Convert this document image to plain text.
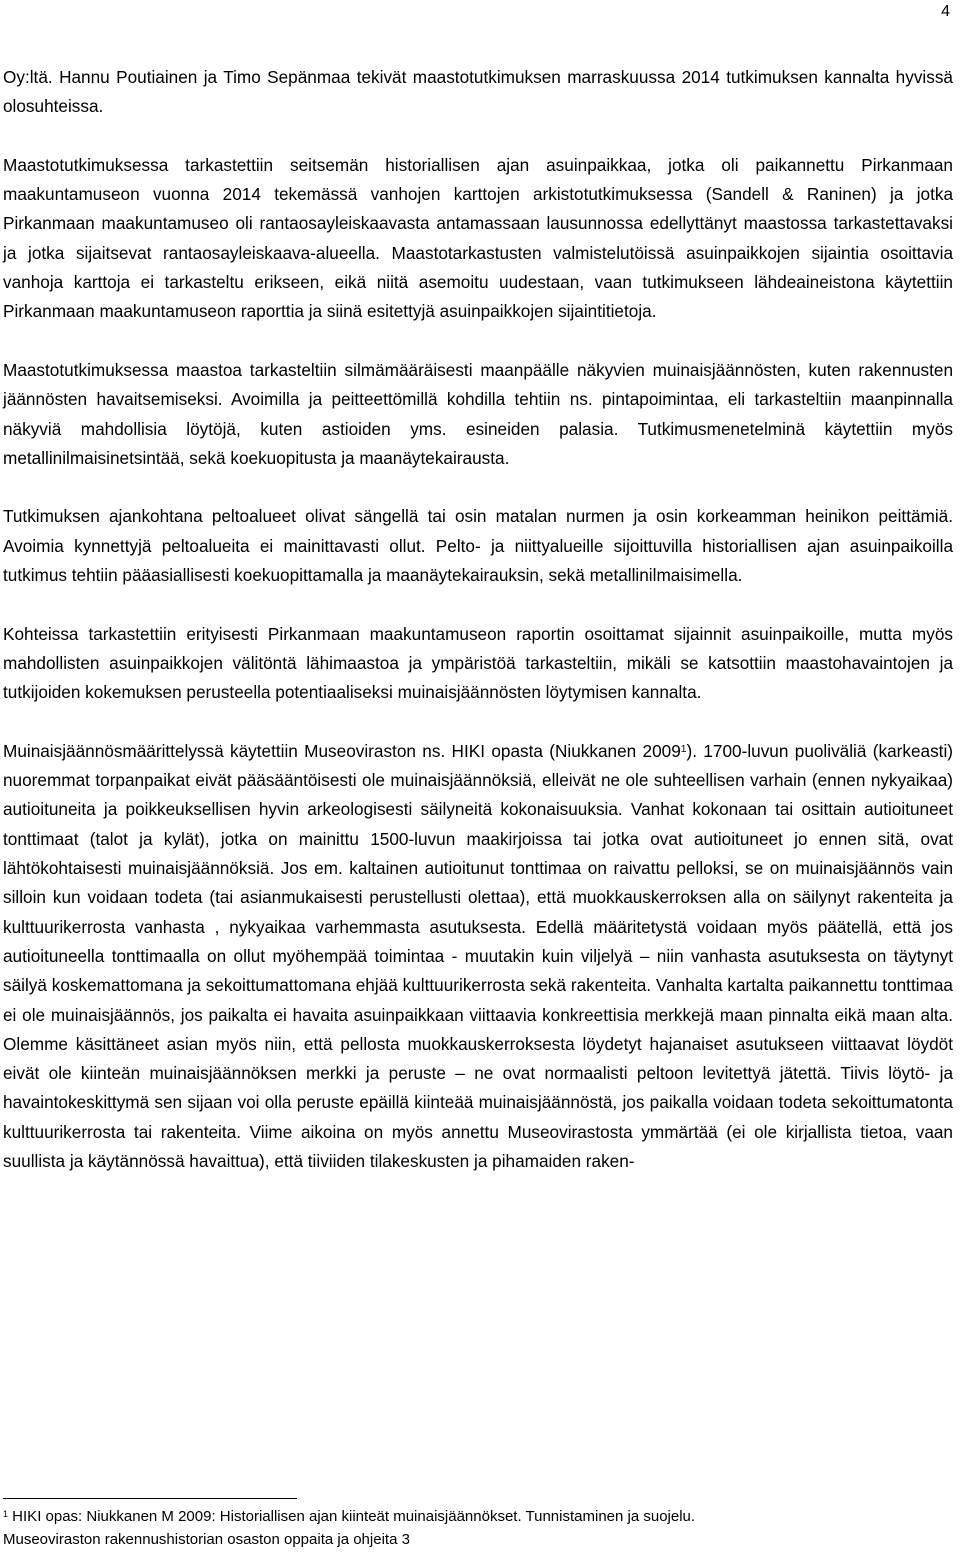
4

Oy:ltä. Hannu Poutiainen ja Timo Sepänmaa tekivät maastotutkimuksen marraskuussa 2014 tutkimuksen kannalta hyvissä olosuhteissa.

Maastotutkimuksessa tarkastettiin seitsemän historiallisen ajan asuinpaikkaa, jotka oli paikannettu Pirkanmaan maakuntamuseon vuonna 2014 tekemässä vanhojen karttojen arkistotutkimuksessa (Sandell & Raninen) ja jotka Pirkanmaan maakuntamuseo oli rantaosayleiskaavasta antamassaan lausunnossa edellyttänyt maastossa tarkastettavaksi ja jotka sijaitsevat rantaosayleiskaava-alueella. Maastotarkastusten valmistelutöissä asuinpaikkojen sijaintia osoittavia vanhoja karttoja ei tarkasteltu erikseen, eikä niitä asemoitu uudestaan, vaan tutkimukseen lähdeaineistona käytettiin Pirkanmaan maakuntamuseon raporttia ja siinä esitettyjä asuinpaikkojen sijaintitietoja.

Maastotutkimuksessa maastoa tarkasteltiin silmämääräisesti maanpäälle näkyvien muinaisjäännösten, kuten rakennusten jäännösten havaitsemiseksi. Avoimilla ja peitteettömillä kohdilla tehtiin ns. pintapoimintaa, eli tarkasteltiin maanpinnalla näkyviä mahdollisia löytöjä, kuten astioiden yms. esineiden palasia. Tutkimusmenetelminä käytettiin myös metallinilmaisinetsintää, sekä koekuopitusta ja maanäytekairausta.

Tutkimuksen ajankohtana peltoalueet olivat sängellä tai osin matalan nurmen ja osin korkeamman heinikon peittämiä. Avoimia kynnettyjä peltoalueita ei mainittavasti ollut. Pelto- ja niittyalueille sijoittuvilla historiallisen ajan asuinpaikoilla tutkimus tehtiin pääasiallisesti koekuopittamalla ja maanäytekairauksin, sekä metallinilmaisimella.

Kohteissa tarkastettiin erityisesti Pirkanmaan maakuntamuseon raportin osoittamat sijainnit asuinpaikoille, mutta myös mahdollisten asuinpaikkojen välitöntä lähimaastoa ja ympäristöä tarkasteltiin, mikäli se katsottiin maastohavaintojen ja tutkijoiden kokemuksen perusteella potentiaaliseksi muinaisjäännösten löytymisen kannalta.

Muinaisjäännösmäärittelyssä käytettiin Museoviraston ns. HIKI opasta (Niukkanen 2009$^1$). 1700-luvun puoliväliä (karkeasti) nuoremmat torpanpaikat eivät pääsääntöisesti ole muinaisjäännöksiä, elleivät ne ole suhteellisen varhain (ennen nykyaikaa) autioituneita ja poikkeuksellisen hyvin arkeologisesti säilyneitä kokonaisuuksia. Vanhat kokonaan tai osittain autioituneet tonttimaat (talot ja kylät), jotka on mainittu 1500-luvun maakirjoissa tai jotka ovat autioituneet jo ennen sitä, ovat lähtökohtaisesti muinaisjäännöksiä. Jos em. kaltainen autioitunut tonttimaa on raivattu pelloksi, se on muinaisjäännös vain silloin kun voidaan todeta (tai asianmukaisesti perustellusti olettaa), että muokkauskerroksen alla on säilynyt rakenteita ja kulttuurikerrosta vanhasta , nykyaikaa varhemmasta asutuksesta. Edellä määritetystä voidaan myös päätellä, että jos autioituneella tonttimaalla on ollut myöhempää toimintaa - muutakin kuin viljelyä – niin vanhasta asutuksesta on täytynyt säilyä koskemattomana ja sekoittumattomana ehjää kulttuurikerrosta sekä rakenteita. Vanhalta kartalta paikannettu tonttimaa ei ole muinaisjäännös, jos paikalta ei havaita asuinpaikkaan viittaavia konkreettisia merkkejä maan pinnalta eikä maan alta. Olemme käsittäneet asian myös niin, että pellosta muokkauskerroksesta löydetyt hajanaiset asutukseen viittaavat löydöt eivät ole kiinteän muinaisjäännöksen merkki ja peruste – ne ovat normaalisti peltoon levitettyä jätettä. Tiivis löytö- ja havaintokeskittymä sen sijaan voi olla peruste epäillä kiinteää muinaisjäännöstä, jos paikalla voidaan todeta sekoittumatonta kulttuurikerrosta tai rakenteita. Viime aikoina on myös annettu Museovirastosta ymmärtää (ei ole kirjallista tietoa, vaan suullista ja käytännössä havaittua), että tiiviiden tilakeskusten ja pihamaiden raken-

$^1$ HIKI opas: Niukkanen M 2009: Historiallisen ajan kiinteät muinaisjäännökset. Tunnistaminen ja suojelu.

Museoviraston rakennushistorian osaston oppaita ja ohjeita 3
